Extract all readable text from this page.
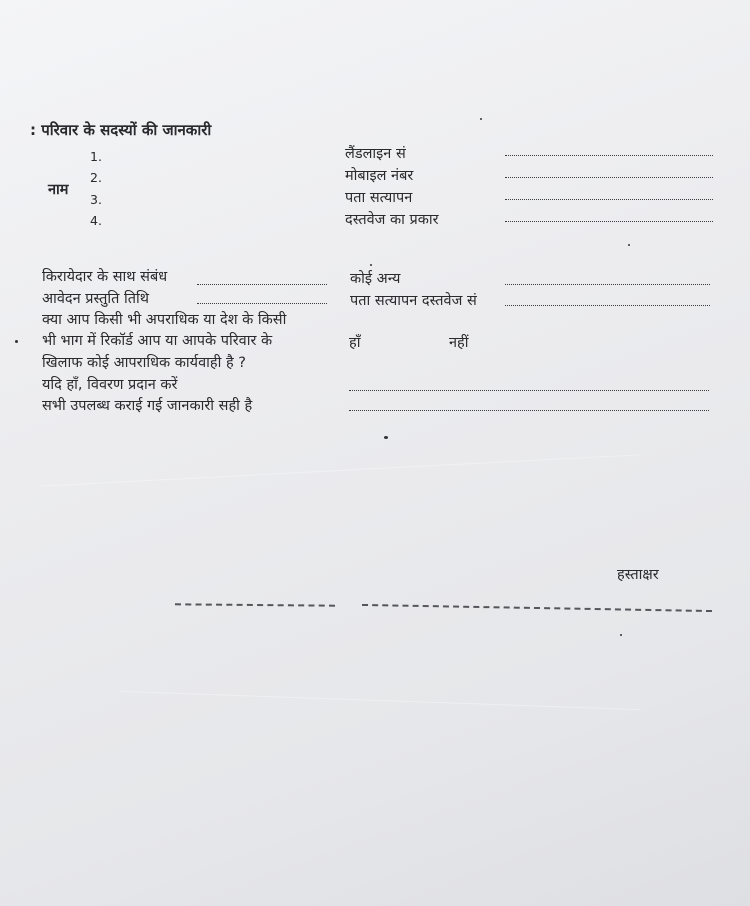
: परिवार के सदस्यों की जानकारी
1.
2.
3.
4.
नाम
लैंडलाइन सं
मोबाइल नंबर
पता सत्यापन
दस्तवेज का प्रकार
किरायेदार के साथ संबंध
आवेदन प्रस्तुति तिथि
कोई अन्य
पता सत्यापन दस्तवेज सं
क्या आप किसी भी अपराधिक या देश के किसी
भी भाग में रिकॉर्ड आप या आपके परिवार के
खिलाफ कोई आपराधिक कार्यवाही है ?
हाँ	नहीं
यदि हाँ, विवरण प्रदान करें
सभी उपलब्ध कराई गई जानकारी सही है
हस्ताक्षर
